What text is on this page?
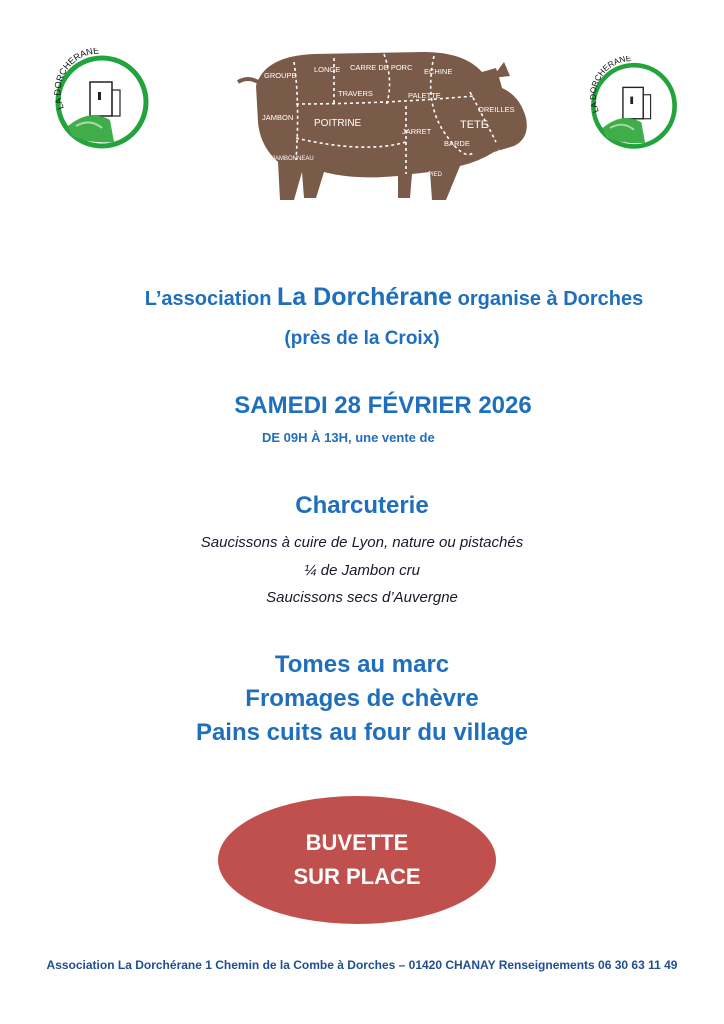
LA DORCHERANE
GROUPE
LONGE CARRE DE PORC ECHINE
TRAVERS	PALETTE
OREILLES
JAMBON
POITRINE	TETE
JARRET
BARDE
MUSEAU
JAMBONNEAU
PIED
LA DORCHERANE
L’association La Dorchérane organise à Dorches
(près de la Croix)
SAMEDI 28 FÉVRIER 2026
DE 09H À 13H, une vente de
Charcuterie
Saucissons à cuire de Lyon, nature ou pistachés
¼ de Jambon cru
Saucissons secs d’Auvergne
Tomes au marc
Fromages de chèvre
Pains cuits au four du village
BUVETTE
SUR PLACE
Association La Dorchérane 1 Chemin de la Combe à Dorches – 01420 CHANAY Renseignements 06 30 63 11 49
